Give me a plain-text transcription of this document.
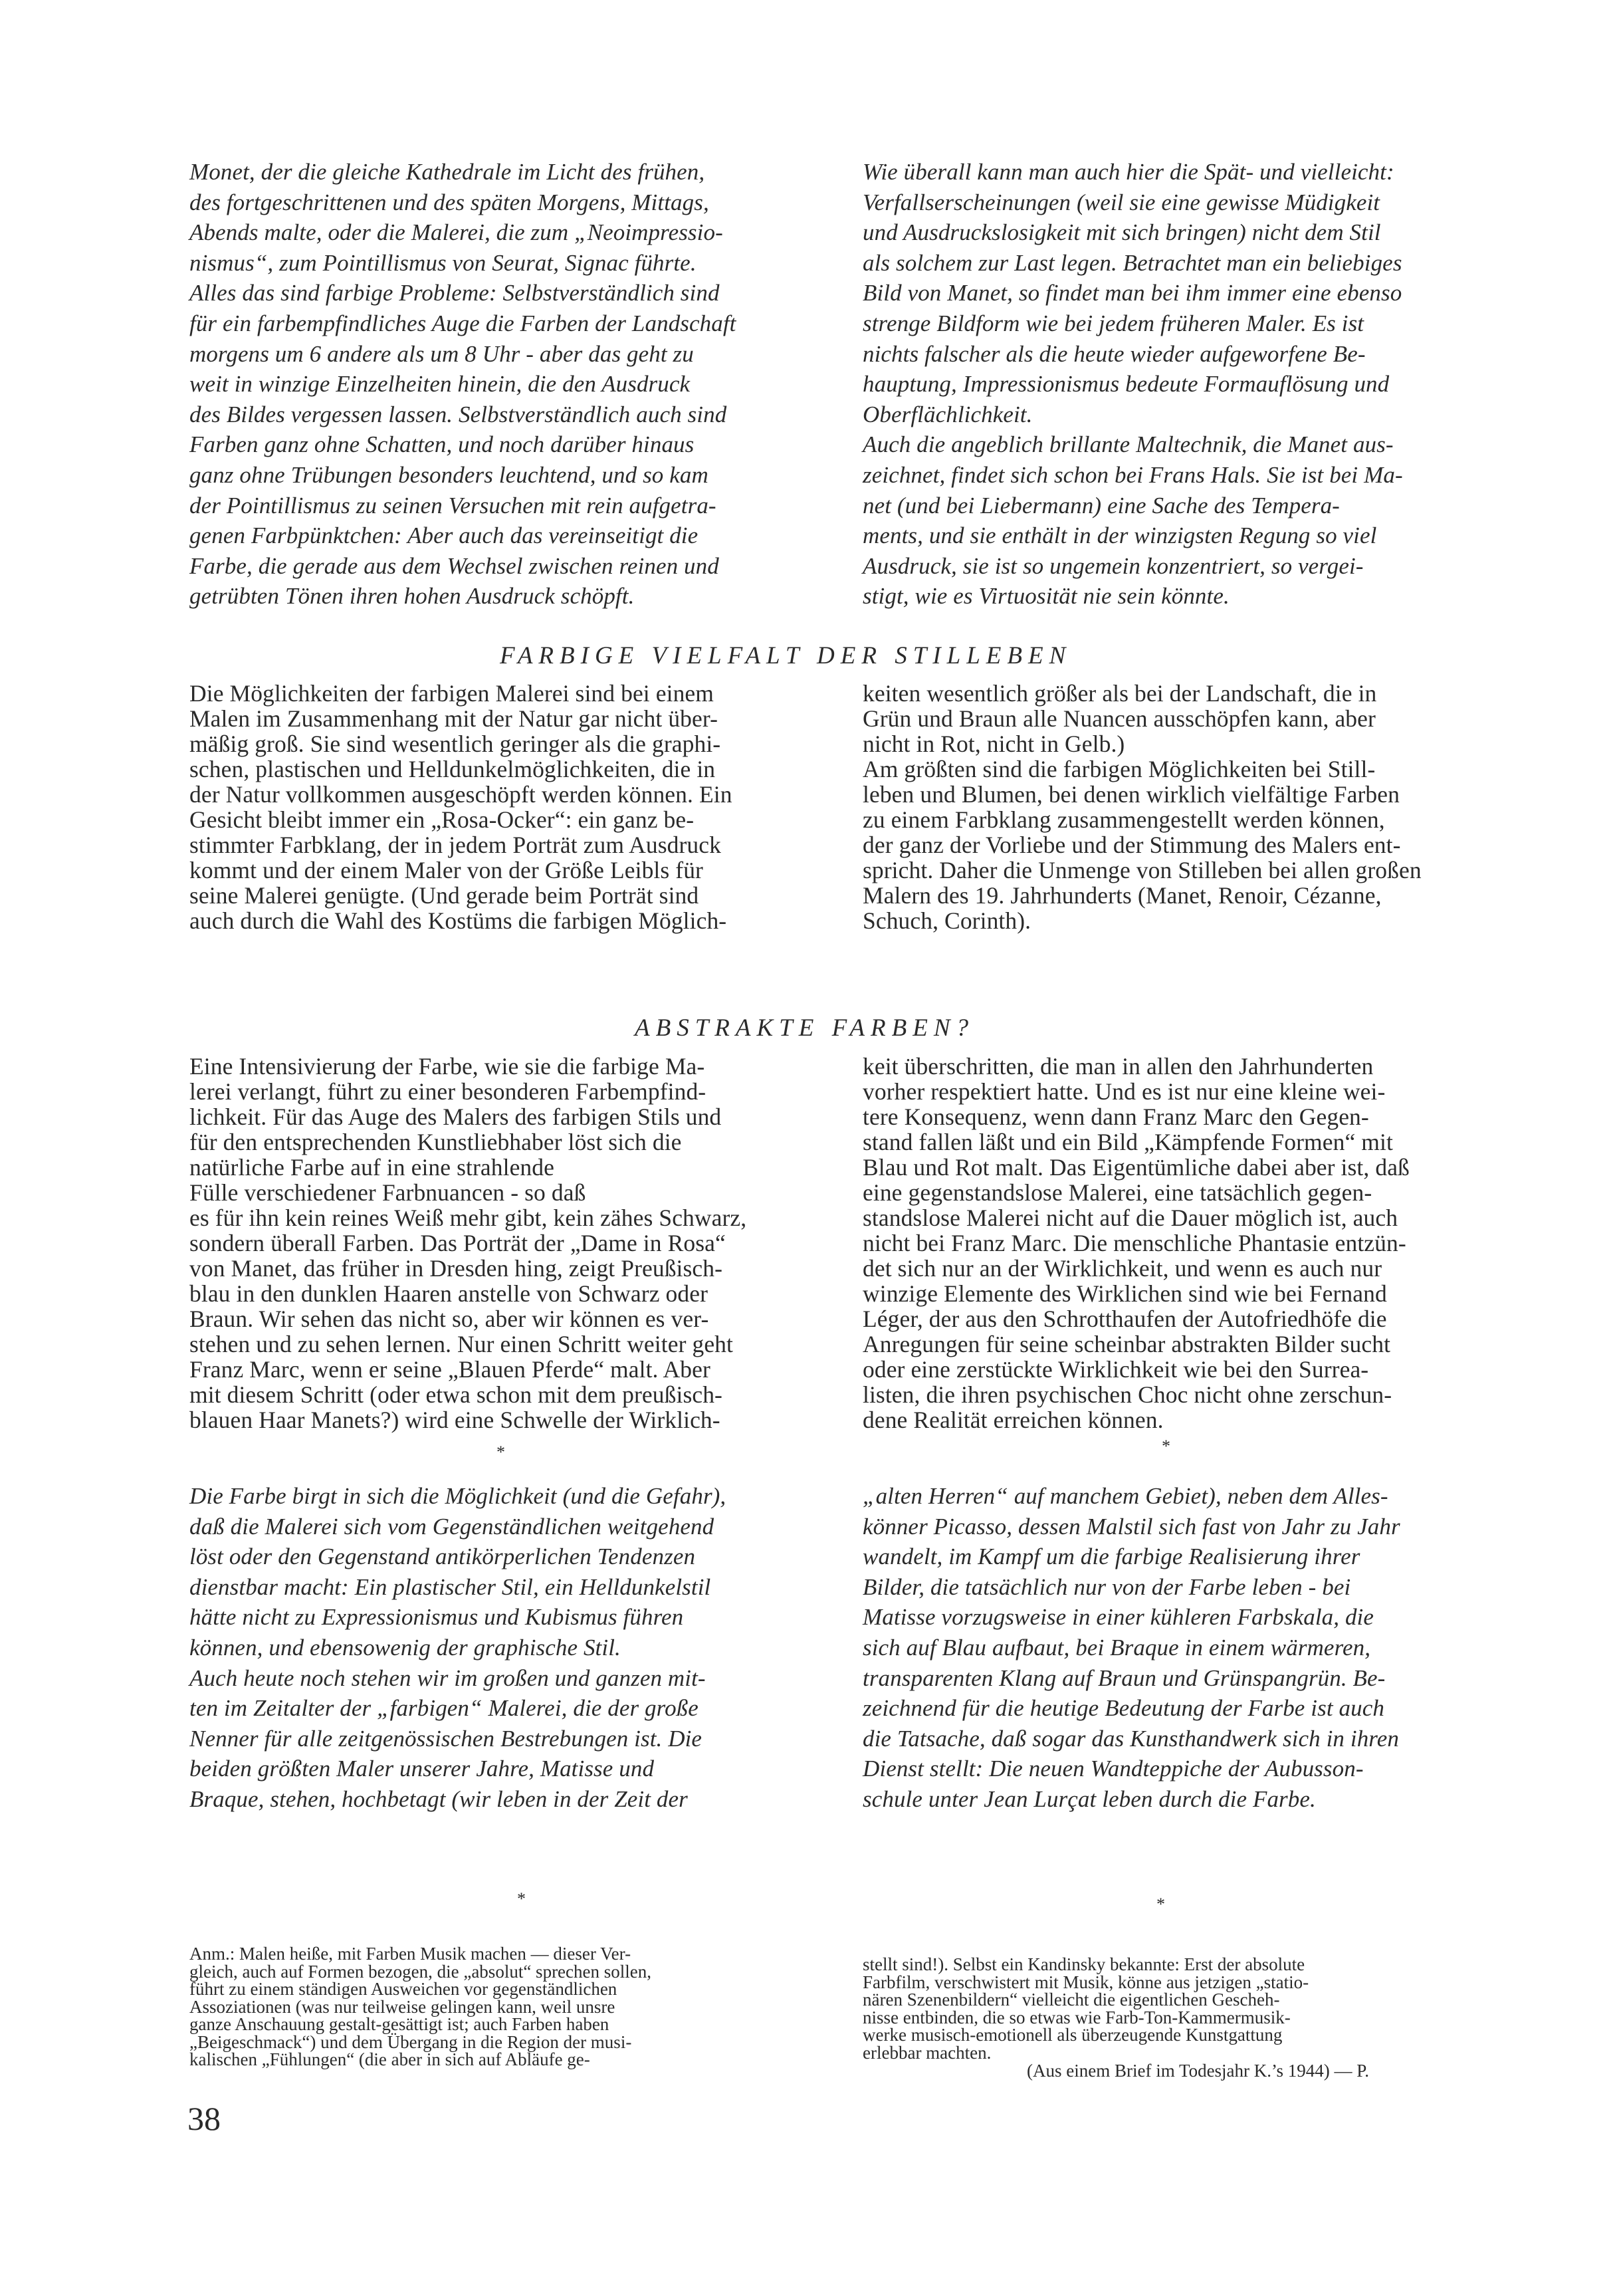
Monet, der die gleiche Kathedrale im Licht des frühen,
des fortgeschrittenen und des späten Morgens, Mittags,
Abends malte, oder die Malerei, die zum „Neoimpressio-
nismus“, zum Pointillismus von Seurat, Signac führte.
Alles das sind farbige Probleme: Selbstverständlich sind
für ein farbempfindliches Auge die Farben der Landschaft
morgens um 6 andere als um 8 Uhr - aber das geht zu
weit in winzige Einzelheiten hinein, die den Ausdruck
des Bildes vergessen lassen. Selbstverständlich auch sind
Farben ganz ohne Schatten, und noch darüber hinaus
ganz ohne Trübungen besonders leuchtend, und so kam
der Pointillismus zu seinen Versuchen mit rein aufgetra-
genen Farbpünktchen: Aber auch das vereinseitigt die
Farbe, die gerade aus dem Wechsel zwischen reinen und
getrübten Tönen ihren hohen Ausdruck schöpft.
Wie überall kann man auch hier die Spät- und vielleicht:
Verfallserscheinungen (weil sie eine gewisse Müdigkeit
und Ausdruckslosigkeit mit sich bringen) nicht dem Stil
als solchem zur Last legen. Betrachtet man ein beliebiges
Bild von Manet, so findet man bei ihm immer eine ebenso
strenge Bildform wie bei jedem früheren Maler. Es ist
nichts falscher als die heute wieder aufgeworfene Be-
hauptung, Impressionismus bedeute Formauflösung und
Oberflächlichkeit.
Auch die angeblich brillante Maltechnik, die Manet aus-
zeichnet, findet sich schon bei Frans Hals. Sie ist bei Ma-
net (und bei Liebermann) eine Sache des Tempera-
ments, und sie enthält in der winzigsten Regung so viel
Ausdruck, sie ist so ungemein konzentriert, so vergei-
stigt, wie es Virtuosität nie sein könnte.
FARBIGE VIELFALT DER STILLEBEN
Die Möglichkeiten der farbigen Malerei sind bei einem
Malen im Zusammenhang mit der Natur gar nicht über-
mäßig groß. Sie sind wesentlich geringer als die graphi-
schen, plastischen und Helldunkelmöglichkeiten, die in
der Natur vollkommen ausgeschöpft werden können. Ein
Gesicht bleibt immer ein „Rosa-Ocker“: ein ganz be-
stimmter Farbklang, der in jedem Porträt zum Ausdruck
kommt und der einem Maler von der Größe Leibls für
seine Malerei genügte. (Und gerade beim Porträt sind
auch durch die Wahl des Kostüms die farbigen Möglich-
keiten wesentlich größer als bei der Landschaft, die in
Grün und Braun alle Nuancen ausschöpfen kann, aber
nicht in Rot, nicht in Gelb.)
Am größten sind die farbigen Möglichkeiten bei Still-
leben und Blumen, bei denen wirklich vielfältige Farben
zu einem Farbklang zusammengestellt werden können,
der ganz der Vorliebe und der Stimmung des Malers ent-
spricht. Daher die Unmenge von Stilleben bei allen großen
Malern des 19. Jahrhunderts (Manet, Renoir, Cézanne,
Schuch, Corinth).
ABSTRAKTE FARBEN?
Eine Intensivierung der Farbe, wie sie die farbige Ma-
lerei verlangt, führt zu einer besonderen Farbempfind-
lichkeit. Für das Auge des Malers des farbigen Stils und
für den entsprechenden Kunstliebhaber löst sich die
natürliche Farbe auf in eine strahlende
Fülle verschiedener Farbnuancen - so daß
es für ihn kein reines Weiß mehr gibt, kein zähes Schwarz,
sondern überall Farben. Das Porträt der „Dame in Rosa“
von Manet, das früher in Dresden hing, zeigt Preußisch-
blau in den dunklen Haaren anstelle von Schwarz oder
Braun. Wir sehen das nicht so, aber wir können es ver-
stehen und zu sehen lernen. Nur einen Schritt weiter geht
Franz Marc, wenn er seine „Blauen Pferde“ malt. Aber
mit diesem Schritt (oder etwa schon mit dem preußisch-
blauen Haar Manets?) wird eine Schwelle der Wirklich-
keit überschritten, die man in allen den Jahrhunderten
vorher respektiert hatte. Und es ist nur eine kleine wei-
tere Konsequenz, wenn dann Franz Marc den Gegen-
stand fallen läßt und ein Bild „Kämpfende Formen“ mit
Blau und Rot malt. Das Eigentümliche dabei aber ist, daß
eine gegenstandslose Malerei, eine tatsächlich gegen-
standslose Malerei nicht auf die Dauer möglich ist, auch
nicht bei Franz Marc. Die menschliche Phantasie entzün-
det sich nur an der Wirklichkeit, und wenn es auch nur
winzige Elemente des Wirklichen sind wie bei Fernand
Léger, der aus den Schrotthaufen der Autofriedhöfe die
Anregungen für seine scheinbar abstrakten Bilder sucht
oder eine zerstückte Wirklichkeit wie bei den Surrea-
listen, die ihren psychischen Choc nicht ohne zerschun-
dene Realität erreichen können.
*	*
Die Farbe birgt in sich die Möglichkeit (und die Gefahr),
daß die Malerei sich vom Gegenständlichen weitgehend
löst oder den Gegenstand antikörperlichen Tendenzen
dienstbar macht: Ein plastischer Stil, ein Helldunkelstil
hätte nicht zu Expressionismus und Kubismus führen
können, und ebensowenig der graphische Stil.
Auch heute noch stehen wir im großen und ganzen mit-
ten im Zeitalter der „farbigen“ Malerei, die der große
Nenner für alle zeitgenössischen Bestrebungen ist. Die
beiden größten Maler unserer Jahre, Matisse und
Braque, stehen, hochbetagt (wir leben in der Zeit der
„alten Herren“ auf manchem Gebiet), neben dem Alles-
könner Picasso, dessen Malstil sich fast von Jahr zu Jahr
wandelt, im Kampf um die farbige Realisierung ihrer
Bilder, die tatsächlich nur von der Farbe leben - bei
Matisse vorzugsweise in einer kühleren Farbskala, die
sich auf Blau aufbaut, bei Braque in einem wärmeren,
transparenten Klang auf Braun und Grünspangrün. Be-
zeichnend für die heutige Bedeutung der Farbe ist auch
die Tatsache, daß sogar das Kunsthandwerk sich in ihren
Dienst stellt: Die neuen Wandteppiche der Aubusson-
schule unter Jean Lurçat leben durch die Farbe.
*	*
Anm.: Malen heiße, mit Farben Musik machen — dieser Ver-
gleich, auch auf Formen bezogen, die „absolut“ sprechen sollen,
führt zu einem ständigen Ausweichen vor gegenständlichen
Assoziationen (was nur teilweise gelingen kann, weil unsre
ganze Anschauung gestalt-gesättigt ist; auch Farben haben
„Beigeschmack“) und dem Übergang in die Region der musi-
kalischen „Fühlungen“ (die aber in sich auf Abläufe ge-
stellt sind!). Selbst ein Kandinsky bekannte: Erst der absolute
Farbfilm, verschwistert mit Musik, könne aus jetzigen „statio-
nären Szenenbildern“ vielleicht die eigentlichen Gescheh-
nisse entbinden, die so etwas wie Farb-Ton-Kammermusik-
werke musisch-emotionell als überzeugende Kunstgattung
erlebbar machten.
(Aus einem Brief im Todesjahr K.’s 1944) — P.
38
